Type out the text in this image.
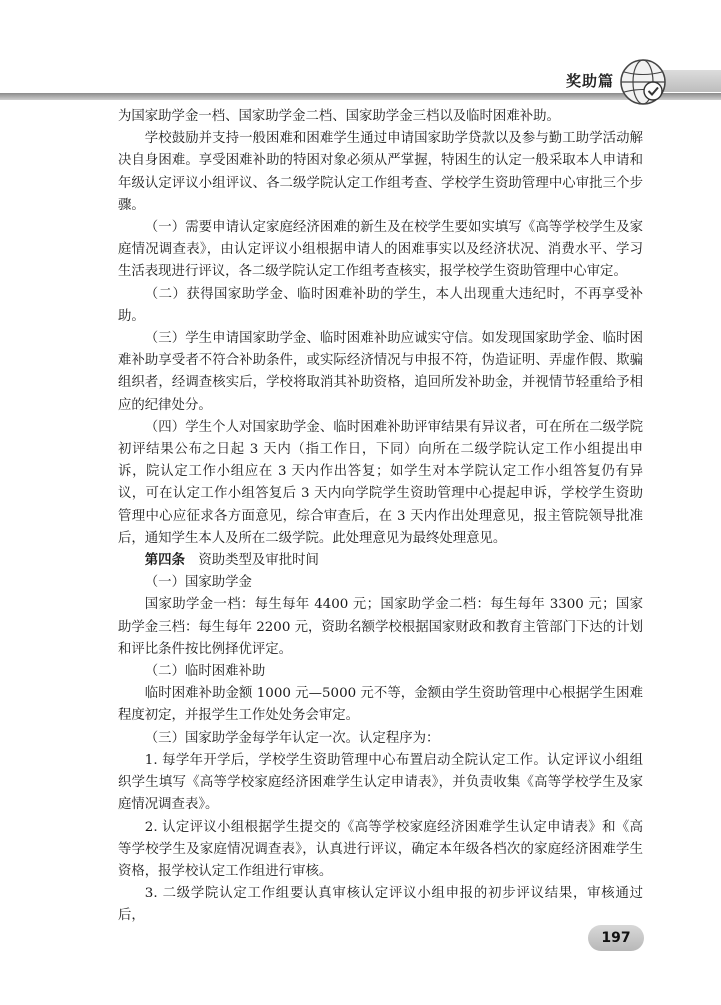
奖助篇

为国家助学金一档、国家助学金二档、国家助学金三档以及临时困难补助。

学校鼓励并支持一般困难和困难学生通过申请国家助学贷款以及参与勤工助学活动解决自身困难。享受困难补助的特困对象必须从严掌握，特困生的认定一般采取本人申请和年级认定评议小组评议、各二级学院认定工作组考查、学校学生资助管理中心审批三个步骤。

（一）需要申请认定家庭经济困难的新生及在校学生要如实填写《高等学校学生及家庭情况调查表》，由认定评议小组根据申请人的困难事实以及经济状况、消费水平、学习生活表现进行评议，各二级学院认定工作组考查核实，报学校学生资助管理中心审定。

（二）获得国家助学金、临时困难补助的学生，本人出现重大违纪时，不再享受补助。

（三）学生申请国家助学金、临时困难补助应诚实守信。如发现国家助学金、临时困难补助享受者不符合补助条件，或实际经济情况与申报不符，伪造证明、弄虚作假、欺骗组织者，经调查核实后，学校将取消其补助资格，追回所发补助金，并视情节轻重给予相应的纪律处分。

（四）学生个人对国家助学金、临时困难补助评审结果有异议者，可在所在二级学院初评结果公布之日起 3 天内（指工作日，下同）向所在二级学院认定工作小组提出申诉，院认定工作小组应在 3 天内作出答复；如学生对本学院认定工作小组答复仍有异议，可在认定工作小组答复后 3 天内向学院学生资助管理中心提起申诉，学校学生资助管理中心应征求各方面意见，综合审查后，在 3 天内作出处理意见，报主管院领导批准后，通知学生本人及所在二级学院。此处理意见为最终处理意见。

第四条　 资助类型及审批时间

（一）国家助学金

国家助学金一档：每生每年 4400 元；国家助学金二档：每生每年 3300 元；国家助学金三档：每生每年 2200 元，资助名额学校根据国家财政和教育主管部门下达的计划和评比条件按比例择优评定。

（二）临时困难补助

临时困难补助金额 1000 元—5000 元不等，金额由学生资助管理中心根据学生困难程度初定，并报学生工作处处务会审定。

（三）国家助学金每学年认定一次。认定程序为：

1. 每学年开学后，学校学生资助管理中心布置启动全院认定工作。认定评议小组组织学生填写《高等学校家庭经济困难学生认定申请表》，并负责收集《高等学校学生及家庭情况调查表》。

2. 认定评议小组根据学生提交的《高等学校家庭经济困难学生认定申请表》和《高等学校学生及家庭情况调查表》，认真进行评议，确定本年级各档次的家庭经济困难学生资格，报学校认定工作组进行审核。

3. 二级学院认定工作组要认真审核认定评议小组申报的初步评议结果，审核通过后，

197
